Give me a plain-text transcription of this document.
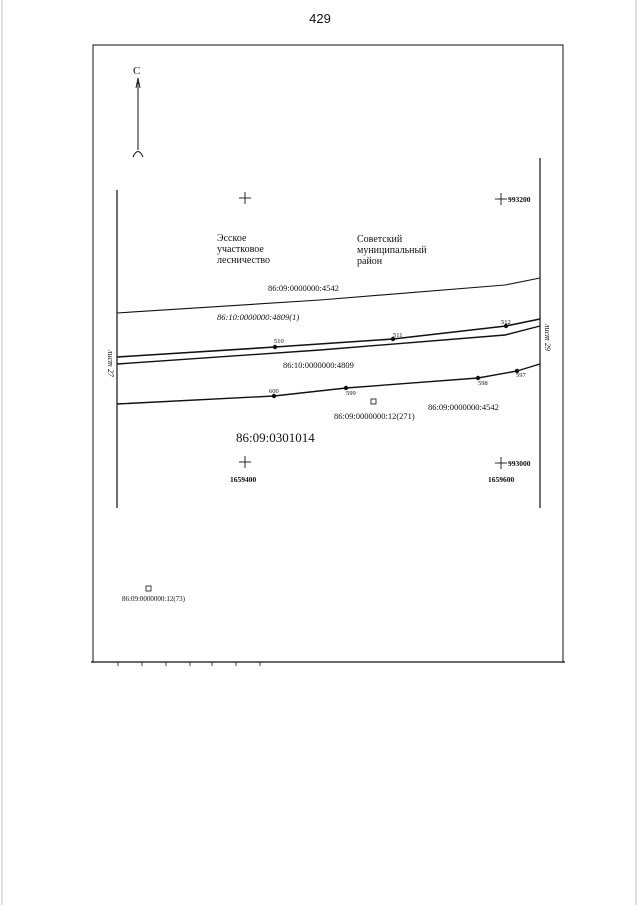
429
С
Эсское участковое лесничество
Советский муниципальный район
86:09:0000000:4542
86:10:0000000:4809(1)
86:10:0000000:4809
86:09:0000000:12(271)
86:09:0000000:4542
86:09:0301014
86:09:0000000:12(73)
510
511
512
600	599
598
597
993200
993000
1659400	1659600
лист 27
лист 29
